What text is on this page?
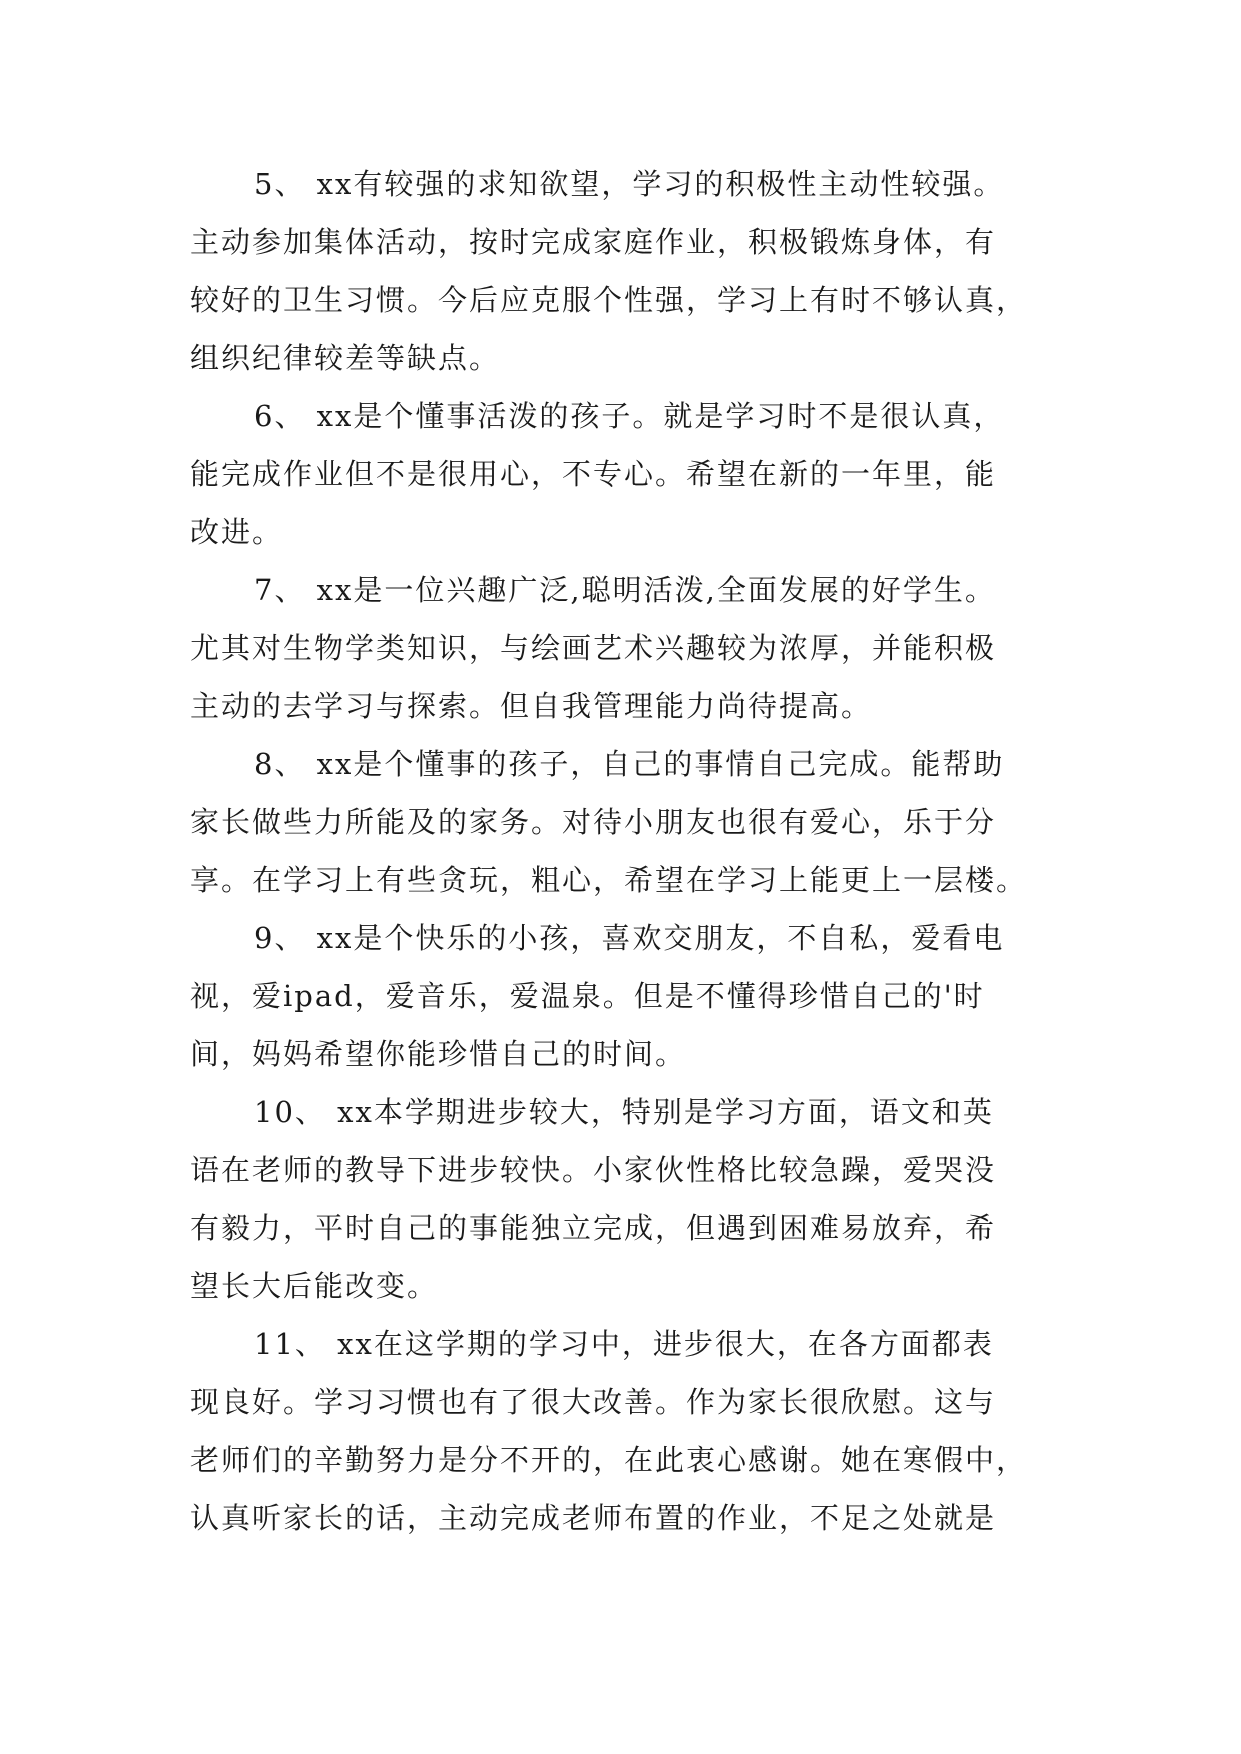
5、 xx有较强的求知欲望，学习的积极性主动性较强。
主动参加集体活动，按时完成家庭作业，积极锻炼身体，有
较好的卫生习惯。今后应克服个性强，学习上有时不够认真，
组织纪律较差等缺点。
6、 xx是个懂事活泼的孩子。就是学习时不是很认真，
能完成作业但不是很用心，不专心。希望在新的一年里，能
改进。
7、 xx是一位兴趣广泛,聪明活泼,全面发展的好学生。
尤其对生物学类知识，与绘画艺术兴趣较为浓厚，并能积极
主动的去学习与探索。但自我管理能力尚待提高。
8、 xx是个懂事的孩子，自己的事情自己完成。能帮助
家长做些力所能及的家务。对待小朋友也很有爱心，乐于分
享。在学习上有些贪玩，粗心，希望在学习上能更上一层楼。
9、 xx是个快乐的小孩，喜欢交朋友，不自私，爱看电
视，爱ipad，爱音乐，爱温泉。但是不懂得珍惜自己的'时
间，妈妈希望你能珍惜自己的时间。
10、 xx本学期进步较大，特别是学习方面，语文和英
语在老师的教导下进步较快。小家伙性格比较急躁，爱哭没
有毅力，平时自己的事能独立完成，但遇到困难易放弃，希
望长大后能改变。
11、 xx在这学期的学习中，进步很大，在各方面都表
现良好。学习习惯也有了很大改善。作为家长很欣慰。这与
老师们的辛勤努力是分不开的，在此衷心感谢。她在寒假中，
认真听家长的话，主动完成老师布置的作业，不足之处就是
